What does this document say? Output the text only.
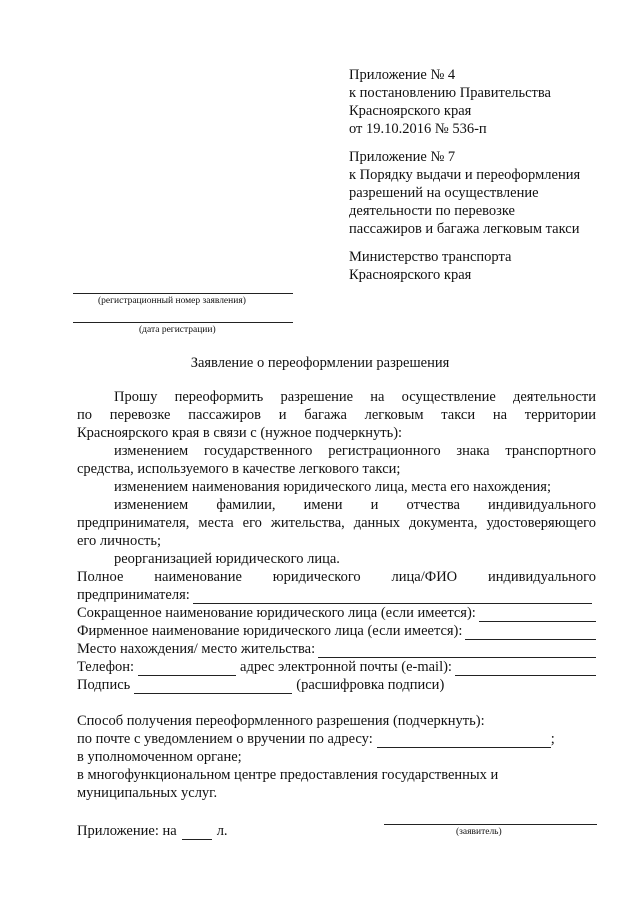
Приложение № 4
к постановлению Правительства
Красноярского края
от 19.10.2016 № 536-п
Приложение № 7
к Порядку выдачи и переоформления
разрешений на осуществление
деятельности по перевозке
пассажиров и багажа легковым такси
Министерство транспорта
Красноярского края
(регистрационный номер заявления)
(дата регистрации)
Заявление о переоформлении разрешения
Прошу переоформить разрешение на осуществление деятельности
по перевозке пассажиров и багажа легковым такси на территории
Красноярского края в связи с (нужное подчеркнуть):
изменением государственного регистрационного знака транспортного
средства, используемого в качестве легкового такси;
изменением наименования юридического лица, места его нахождения;
изменением фамилии, имени и отчества индивидуального
предпринимателя, места его жительства, данных документа, удостоверяющего
его личность;
реорганизацией юридического лица.
Полное наименование юридического лица/ФИО индивидуального
предпринимателя:
Сокращенное наименование юридического лица (если имеется):
Фирменное наименование юридического лица (если имеется):
Место нахождения/ место жительства:
Телефон:	адрес электронной почты (e-mail):
Подпись	(расшифровка подписи)
Способ получения переоформленного разрешения (подчеркнуть):
по почте с уведомлением о вручении по адресу:	;
в уполномоченном органе;
в многофункциональном центре предоставления государственных и
муниципальных услуг.
Приложение: на	л.	(заявитель)
